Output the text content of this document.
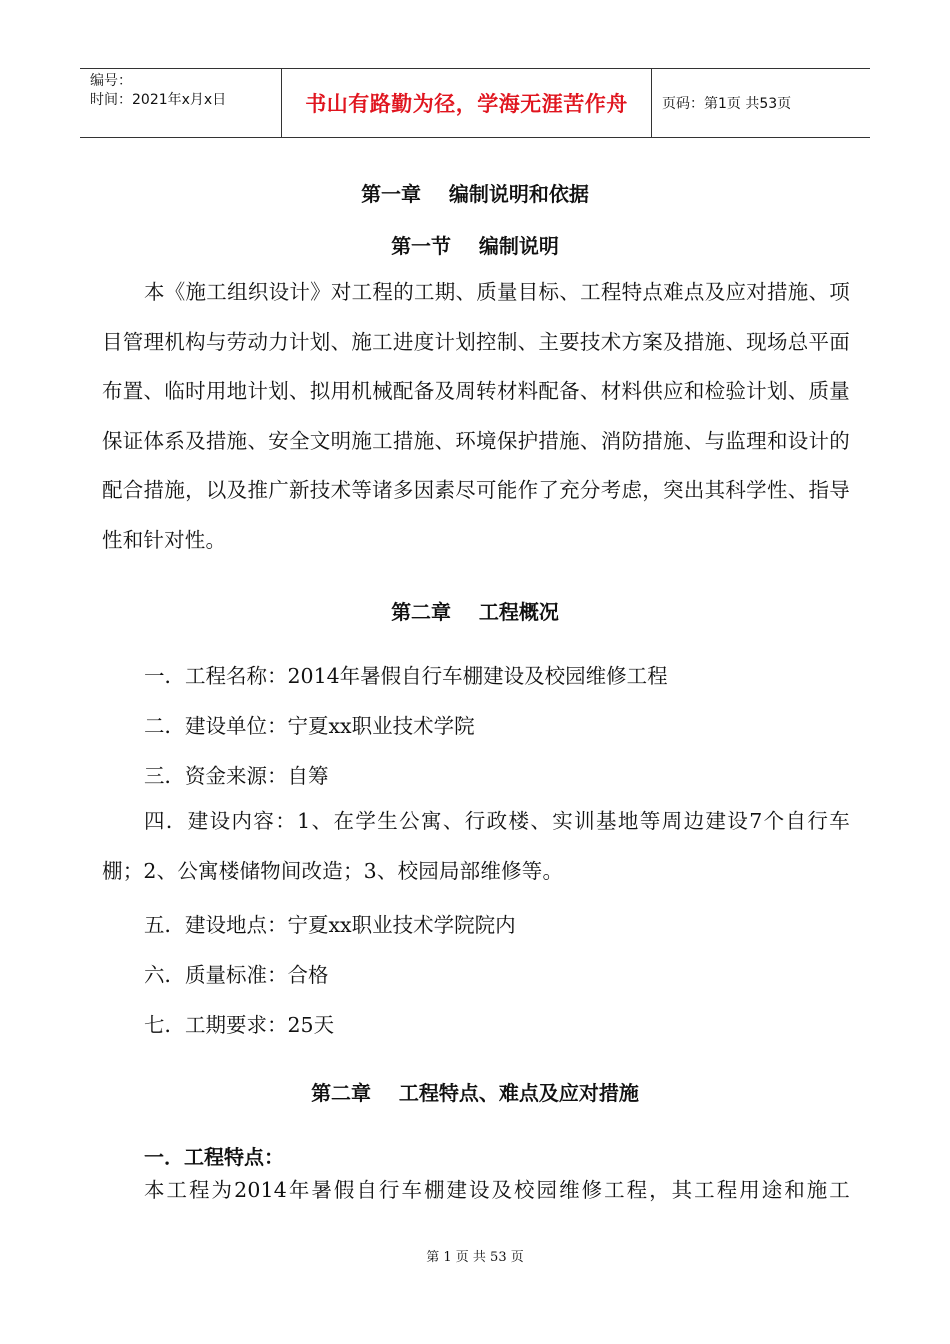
编号：
时间：2021年x月x日	书山有路勤为径，学海无涯苦作舟	页码：第1页 共53页
第一章    编制说明和依据
第一节    编制说明
本《施工组织设计》对工程的工期、质量目标、工程特点难点及应对措施、项目管理机构与劳动力计划、施工进度计划控制、主要技术方案及措施、现场总平面布置、临时用地计划、拟用机械配备及周转材料配备、材料供应和检验计划、质量保证体系及措施、安全文明施工措施、环境保护措施、消防措施、与监理和设计的配合措施，以及推广新技术等诸多因素尽可能作了充分考虑，突出其科学性、指导性和针对性。
第二章    工程概况
一．工程名称：2014年暑假自行车棚建设及校园维修工程
二．建设单位：宁夏xx职业技术学院
三．资金来源：自筹
四．建设内容：1、在学生公寓、行政楼、实训基地等周边建设7个自行车棚；2、公寓楼储物间改造；3、校园局部维修等。
五．建设地点：宁夏xx职业技术学院院内
六．质量标准：合格
七．工期要求：25天
第二章    工程特点、难点及应对措施
一．工程特点：
本工程为2014年暑假自行车棚建设及校园维修工程，其工程用途和施工
第 1 页 共 53 页
